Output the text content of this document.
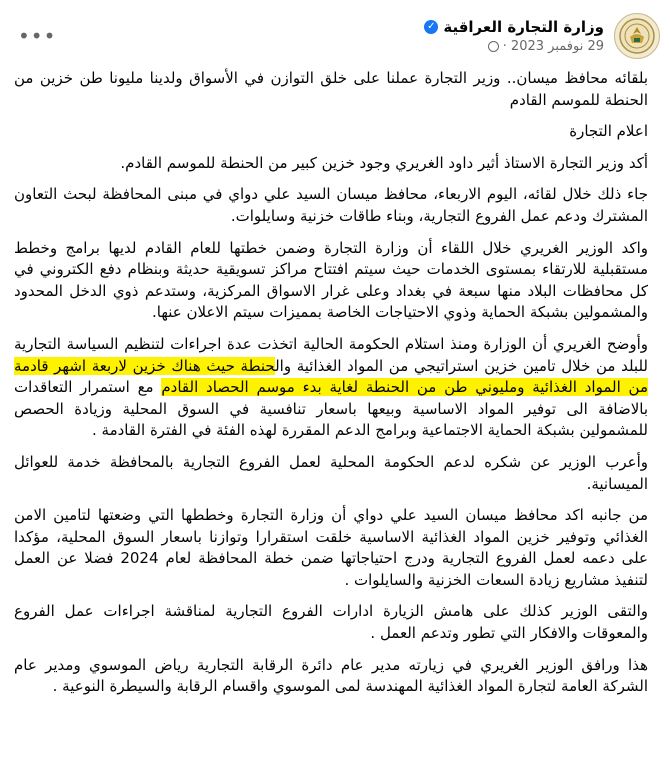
وزارة التجارة العراقية
✓
29 نوفمبر 2023
·
•••

بلقائه محافظ ميسان.. وزير التجارة عملنا على خلق التوازن في الأسواق ولدينا مليونا طن خزين من الحنطة للموسم القادم

اعلام التجارة

أكد وزير التجارة الاستاذ أثير داود الغريري وجود خزين كبير من الحنطة للموسم القادم.

جاء ذلك خلال لقائه، اليوم الاربعاء، محافظ ميسان السيد علي دواي في مبنى المحافظة لبحث التعاون المشترك ودعم عمل الفروع التجارية، وبناء طاقات خزنية وسايلوات.

واكد الوزير الغريري خلال اللقاء أن وزارة التجارة وضمن خطتها للعام القادم لديها برامج وخطط مستقبلية للارتقاء بمستوى الخدمات حيث سيتم افتتاح مراكز تسويقية حديثة وبنظام دفع الكتروني في كل محافظات البلاد منها سبعة في بغداد وعلى غرار الاسواق المركزية، وستدعم ذوي الدخل المحدود والمشمولين بشبكة الحماية وذوي الاحتياجات الخاصة بمميزات سيتم الاعلان عنها.

وأوضح الغريري أن الوزارة ومنذ استلام الحكومة الحالية اتخذت عدة اجراءات لتنظيم السياسة التجارية للبلد من خلال تامين خزين استراتيجي من المواد الغذائية والحنطة حيث هناك خزين لاربعة اشهر قادمة من المواد الغذائية ومليوني طن من الحنطة لغاية بدء موسم الحصاد القادم مع استمرار التعاقدات بالاضافة الى توفير المواد الاساسية وبيعها باسعار تنافسية في السوق المحلية وزيادة الحصص للمشمولين بشبكة الحماية الاجتماعية وبرامج الدعم المقررة لهذه الفئة في الفترة القادمة .

وأعرب الوزير عن شكره لدعم الحكومة المحلية لعمل الفروع التجارية بالمحافظة خدمة للعوائل الميسانية.

من جانبه اكد محافظ ميسان السيد علي دواي أن وزارة التجارة وخططها التي وضعتها لتامين الامن الغذائي وتوفير خزين المواد الغذائية الاساسية خلقت استقرارا وتوازنا باسعار السوق المحلية، مؤكدا على دعمه لعمل الفروع التجارية ودرج احتياجاتها ضمن خطة المحافظة لعام 2024 فضلا عن العمل لتنفيذ مشاريع زيادة السعات الخزنية والسايلوات .

والتقى الوزير كذلك على هامش الزيارة ادارات الفروع التجارية لمناقشة اجراءات عمل الفروع والمعوقات والافكار التي تطور وتدعم العمل .

هذا ورافق الوزير الغريري في زيارته مدير عام دائرة الرقابة التجارية رياض الموسوي ومدير عام الشركة العامة لتجارة المواد الغذائية المهندسة لمى الموسوي واقسام الرقابة والسيطرة النوعية .
